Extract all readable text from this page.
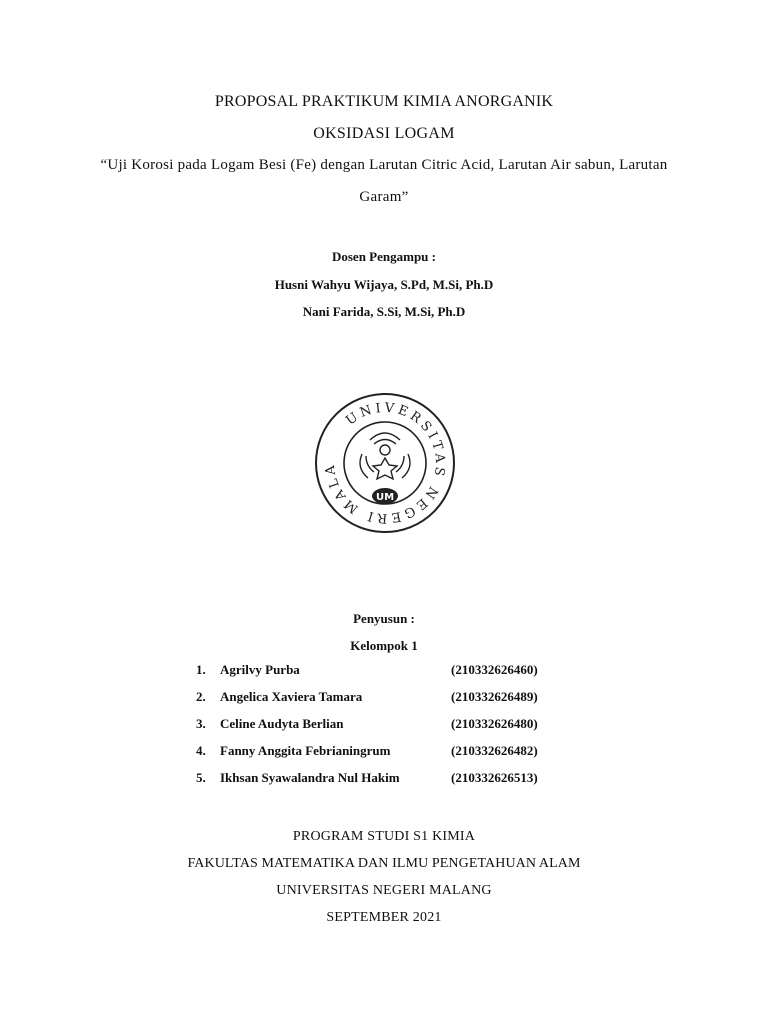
PROPOSAL PRAKTIKUM KIMIA ANORGANIK
OKSIDASI LOGAM
“Uji Korosi pada Logam Besi (Fe) dengan Larutan Citric Acid, Larutan Air sabun, Larutan
Garam”
Dosen Pengampu :
Husni Wahyu Wijaya, S.Pd, M.Si, Ph.D
Nani Farida, S.Si, M.Si, Ph.D
UNIVERSITAS NEGERI MALA
UM
Penyusun :
Kelompok 1
1. Agrilvy Purba	(210332626460)
2. Angelica Xaviera Tamara	(210332626489)
3. Celine Audyta Berlian	(210332626480)
4. Fanny Anggita Febrianingrum	(210332626482)
5. Ikhsan Syawalandra Nul Hakim	(210332626513)
PROGRAM STUDI S1 KIMIA
FAKULTAS MATEMATIKA DAN ILMU PENGETAHUAN ALAM
UNIVERSITAS NEGERI MALANG
SEPTEMBER 2021
